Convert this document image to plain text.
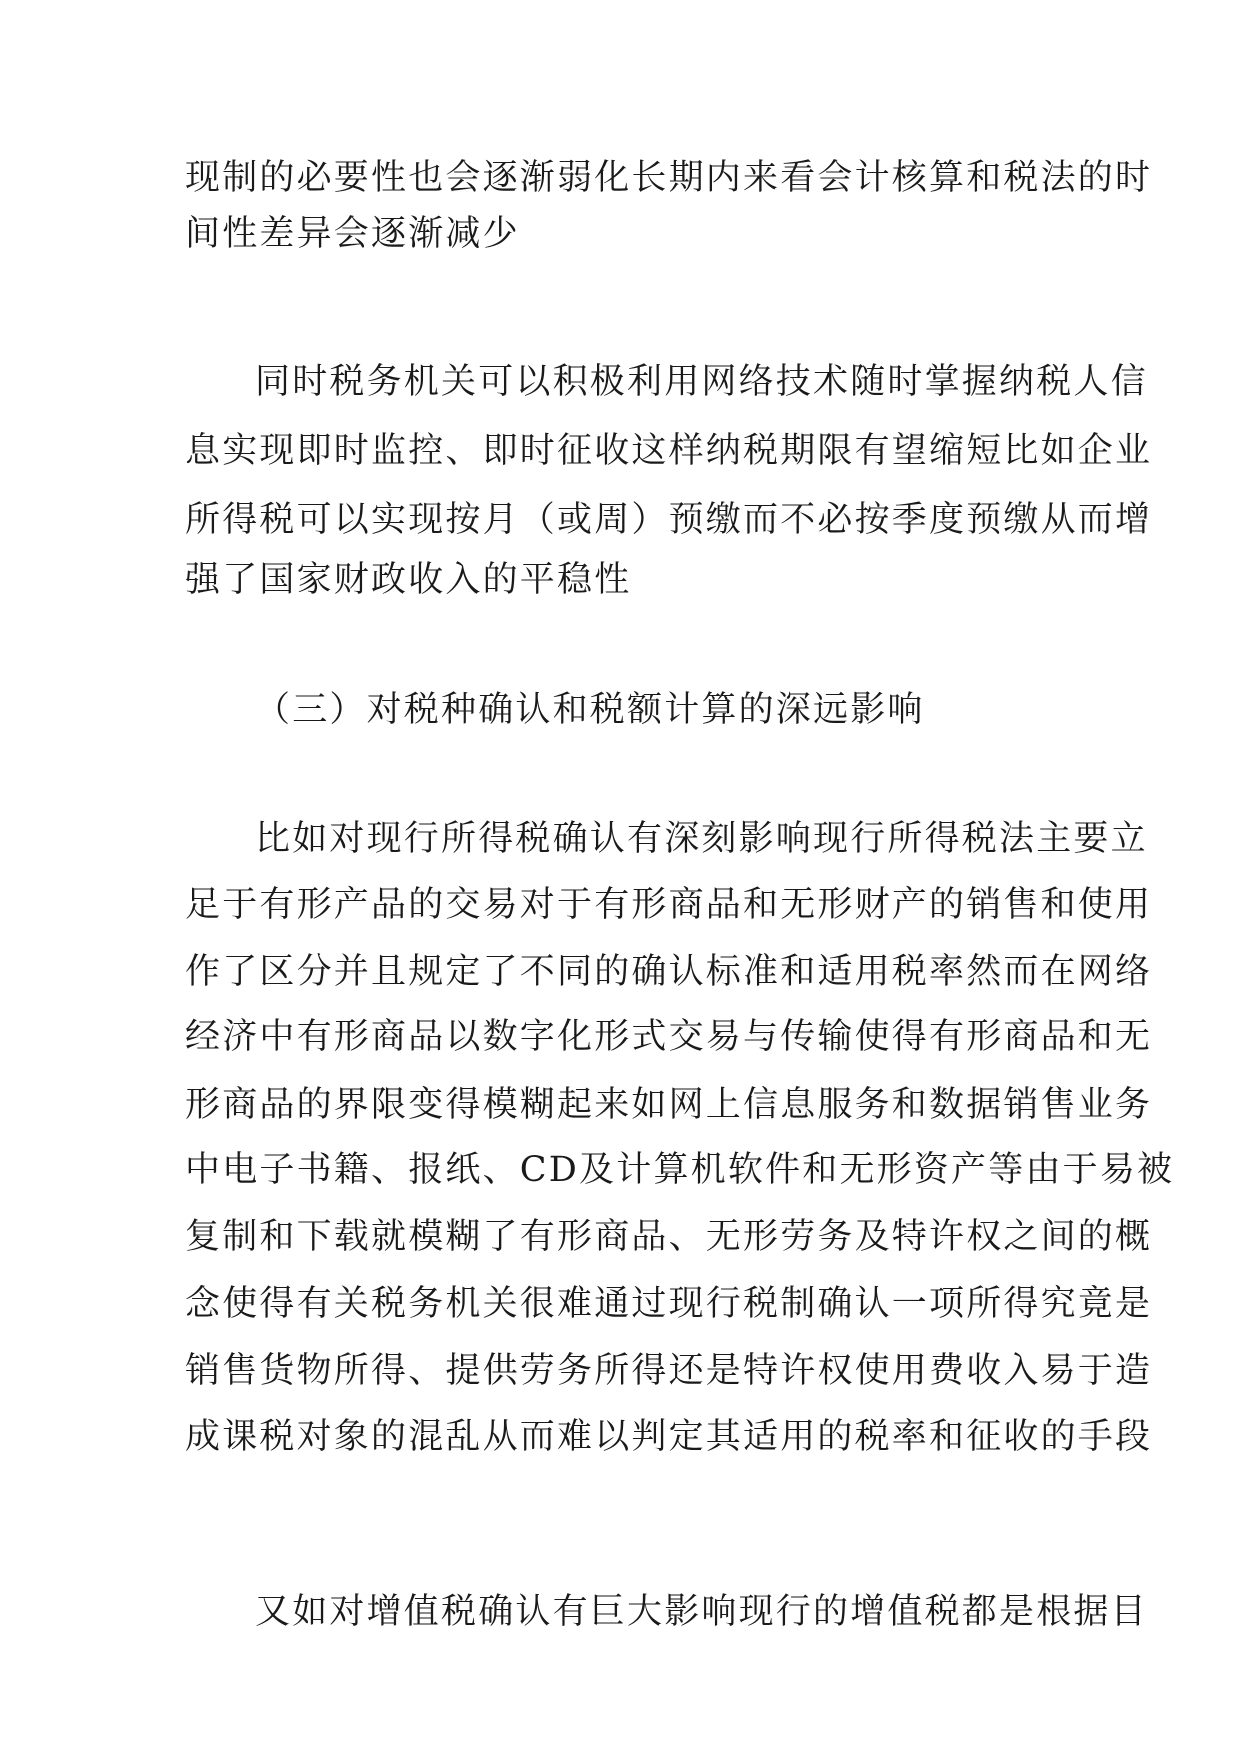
现制的必要性也会逐渐弱化长期内来看会计核算和税法的时
间性差异会逐渐减少
同时税务机关可以积极利用网络技术随时掌握纳税人信
息实现即时监控、即时征收这样纳税期限有望缩短比如企业
所得税可以实现按月（或周）预缴而不必按季度预缴从而增
强了国家财政收入的平稳性
（三）对税种确认和税额计算的深远影响
比如对现行所得税确认有深刻影响现行所得税法主要立
足于有形产品的交易对于有形商品和无形财产的销售和使用
作了区分并且规定了不同的确认标准和适用税率然而在网络
经济中有形商品以数字化形式交易与传输使得有形商品和无
形商品的界限变得模糊起来如网上信息服务和数据销售业务
中电子书籍、报纸、CD及计算机软件和无形资产等由于易被
复制和下载就模糊了有形商品、无形劳务及特许权之间的概
念使得有关税务机关很难通过现行税制确认一项所得究竟是
销售货物所得、提供劳务所得还是特许权使用费收入易于造
成课税对象的混乱从而难以判定其适用的税率和征收的手段
又如对增值税确认有巨大影响现行的增值税都是根据目
